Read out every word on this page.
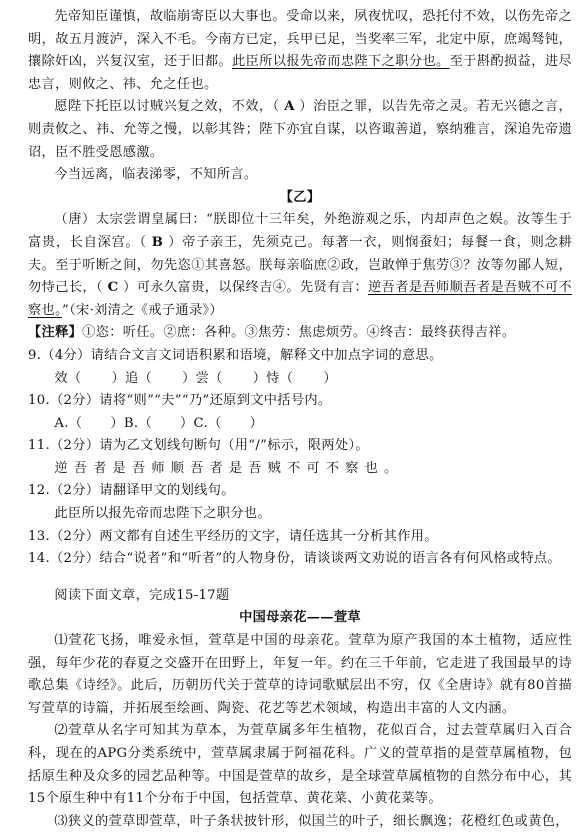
先帝知臣谨慎，故临崩寄臣以大事也。受命以来，夙夜忧叹，恐托付不效，以伤先帝之明，故五月渡泸，深入不毛。今南方已定，兵甲已足，当奖率三军，北定中原，庶竭驽钝，攘除奸凶，兴复汉室，还于旧都。此臣所以报先帝而忠陛下之职分也。至于斟酌损益，进尽忠言，则攸之、祎、允之任也。

愿陛下托臣以讨贼兴复之效，不效，（ A ）治臣之罪，以告先帝之灵。若无兴德之言，则责攸之、祎、允等之慢，以彰其咎；陛下亦宜自谋，以咨诹善道，察纳雅言，深追先帝遗诏，臣不胜受恩感激。

今当远离，临表涕零，不知所言。

【乙】

（唐）太宗尝谓皇属曰：“朕即位十三年矣，外绝游观之乐，内却声色之娱。汝等生于富贵，长自深宫。（ B ）帝子亲王，先须克己。每著一衣，则悯蚕妇；每餐一食，则念耕夫。至于听断之间，勿先恣①其喜怒。朕每亲临庶②政，岂敢惮于焦劳③？汝等勿鄙人短，勿恃己长，（ C ）可永久富贵，以保终吉④。先贤有言：逆吾者是吾师顺吾者是吾贼不可不察也。”（宋·刘清之《戒子通录》）

【注释】①恣：听任。②庶：各种。③焦劳：焦虑烦劳。④终吉：最终获得吉祥。

9.（4分）请结合文言文词语积累和语境，解释文中加点字词的意思。

效（ ）追（ ）尝（ ）恃（ ）

10.（2分）请将“则”“夫”“乃”还原到文中括号内。

A.（ ）B.（ ）C.（ ）

11.（2分）请为乙文划线句断句（用“/”标示，限两处）。

逆吾者是吾师顺吾者是吾贼不可不察也。

12.（2分）请翻译甲文的划线句。

此臣所以报先帝而忠陛下之职分也。

13.（2分）两文都有自述生平经历的文字，请任选其一分析其作用。

14.（2分）结合“说者”和“听者”的人物身份，请谈谈两文劝说的语言各有何风格或特点。

阅读下面文章，完成15-17题

中国母亲花——萱草

⑴萱花飞扬，唯爱永恒，萱草是中国的母亲花。萱草为原产我国的本土植物，适应性强，每年少花的春夏之交盛开在田野上，年复一年。约在三千年前，它走进了我国最早的诗歌总集《诗经》。此后，历朝历代关于萱草的诗词歌赋层出不穷，仅《全唐诗》就有80首描写萱草的诗篇，并拓展至绘画、陶瓷、花艺等艺术领域，构造出丰富的人文内涵。

⑵萱草从名字可知其为草本，为萱草属多年生植物，花似百合，过去萱草属归入百合科，现在的APG分类系统中，萱草属隶属于阿福花科。广义的萱草指的是萱草属植物，包括原生种及众多的园艺品种等。中国是萱草的故乡，是全球萱草属植物的自然分布中心，其15个原生种中有11个分布于中国，包括萱草、黄花菜、小黄花菜等。

⑶狭义的萱草即萱草，叶子条状披针形，似国兰的叶子，细长飘逸；花橙红色或黄色，
